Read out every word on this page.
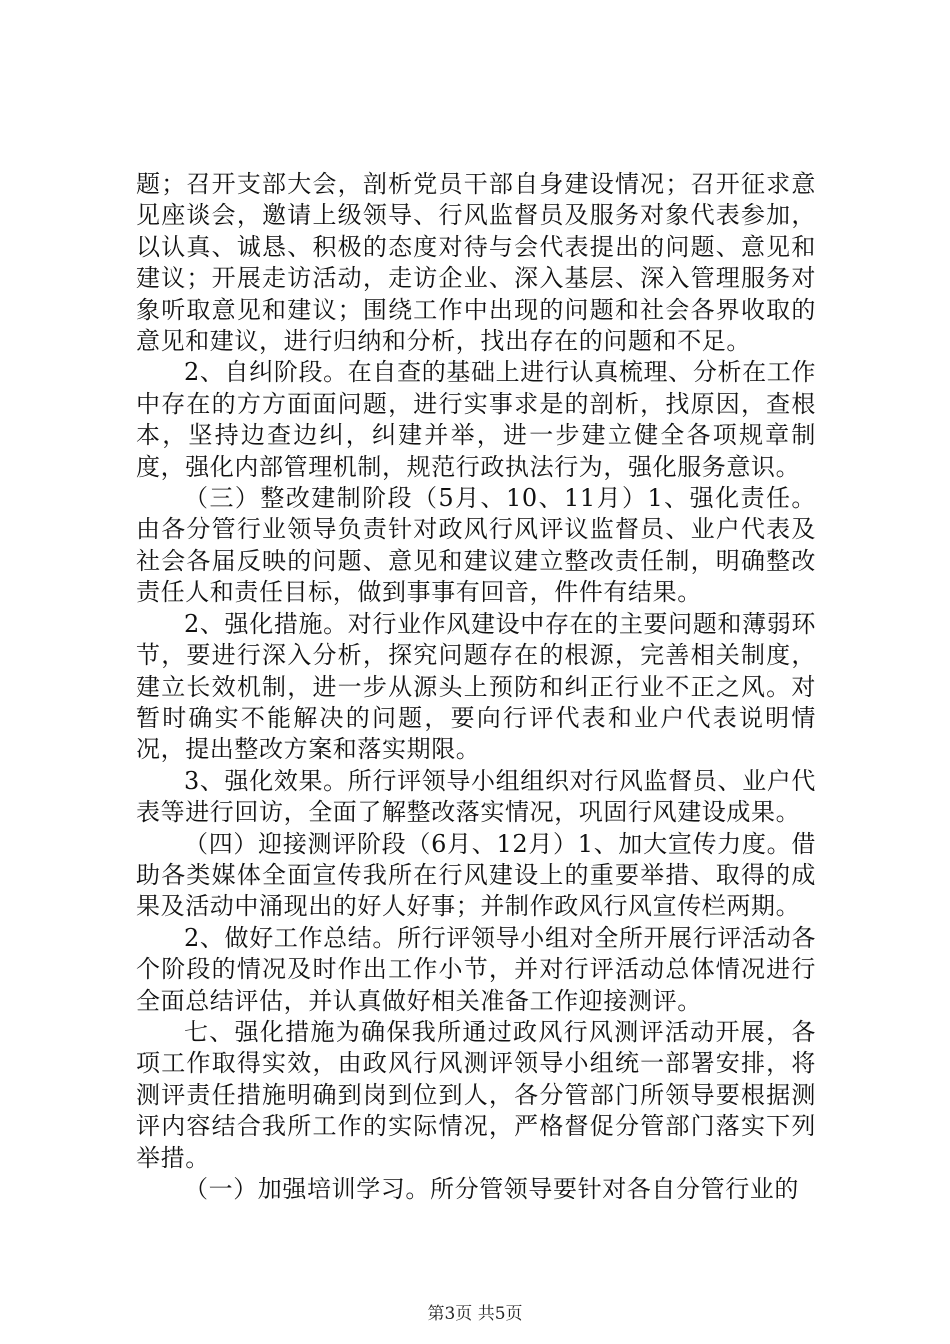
题；召开支部大会，剖析党员干部自身建设情况；召开征求意见座谈会，邀请上级领导、行风监督员及服务对象代表参加，以认真、诚恳、积极的态度对待与会代表提出的问题、意见和建议；开展走访活动，走访企业、深入基层、深入管理服务对象听取意见和建议；围绕工作中出现的问题和社会各界收取的意见和建议，进行归纳和分析，找出存在的问题和不足。

2、自纠阶段。在自查的基础上进行认真梳理、分析在工作中存在的方方面面问题，进行实事求是的剖析，找原因，查根本，坚持边查边纠，纠建并举，进一步建立健全各项规章制度，强化内部管理机制，规范行政执法行为，强化服务意识。

（三）整改建制阶段（5月、10、11月）1、强化责任。由各分管行业领导负责针对政风行风评议监督员、业户代表及社会各届反映的问题、意见和建议建立整改责任制，明确整改责任人和责任目标，做到事事有回音，件件有结果。

2、强化措施。对行业作风建设中存在的主要问题和薄弱环节，要进行深入分析，探究问题存在的根源，完善相关制度，建立长效机制，进一步从源头上预防和纠正行业不正之风。对暂时确实不能解决的问题，要向行评代表和业户代表说明情况，提出整改方案和落实期限。

3、强化效果。所行评领导小组组织对行风监督员、业户代表等进行回访，全面了解整改落实情况，巩固行风建设成果。

（四）迎接测评阶段（6月、12月）1、加大宣传力度。借助各类媒体全面宣传我所在行风建设上的重要举措、取得的成果及活动中涌现出的好人好事；并制作政风行风宣传栏两期。

2、做好工作总结。所行评领导小组对全所开展行评活动各个阶段的情况及时作出工作小节，并对行评活动总体情况进行全面总结评估，并认真做好相关准备工作迎接测评。

七、强化措施为确保我所通过政风行风测评活动开展，各项工作取得实效，由政风行风测评领导小组统一部署安排，将测评责任措施明确到岗到位到人，各分管部门所领导要根据测评内容结合我所工作的实际情况，严格督促分管部门落实下列举措。

（一）加强培训学习。所分管领导要针对各自分管行业的

第3页 共5页
